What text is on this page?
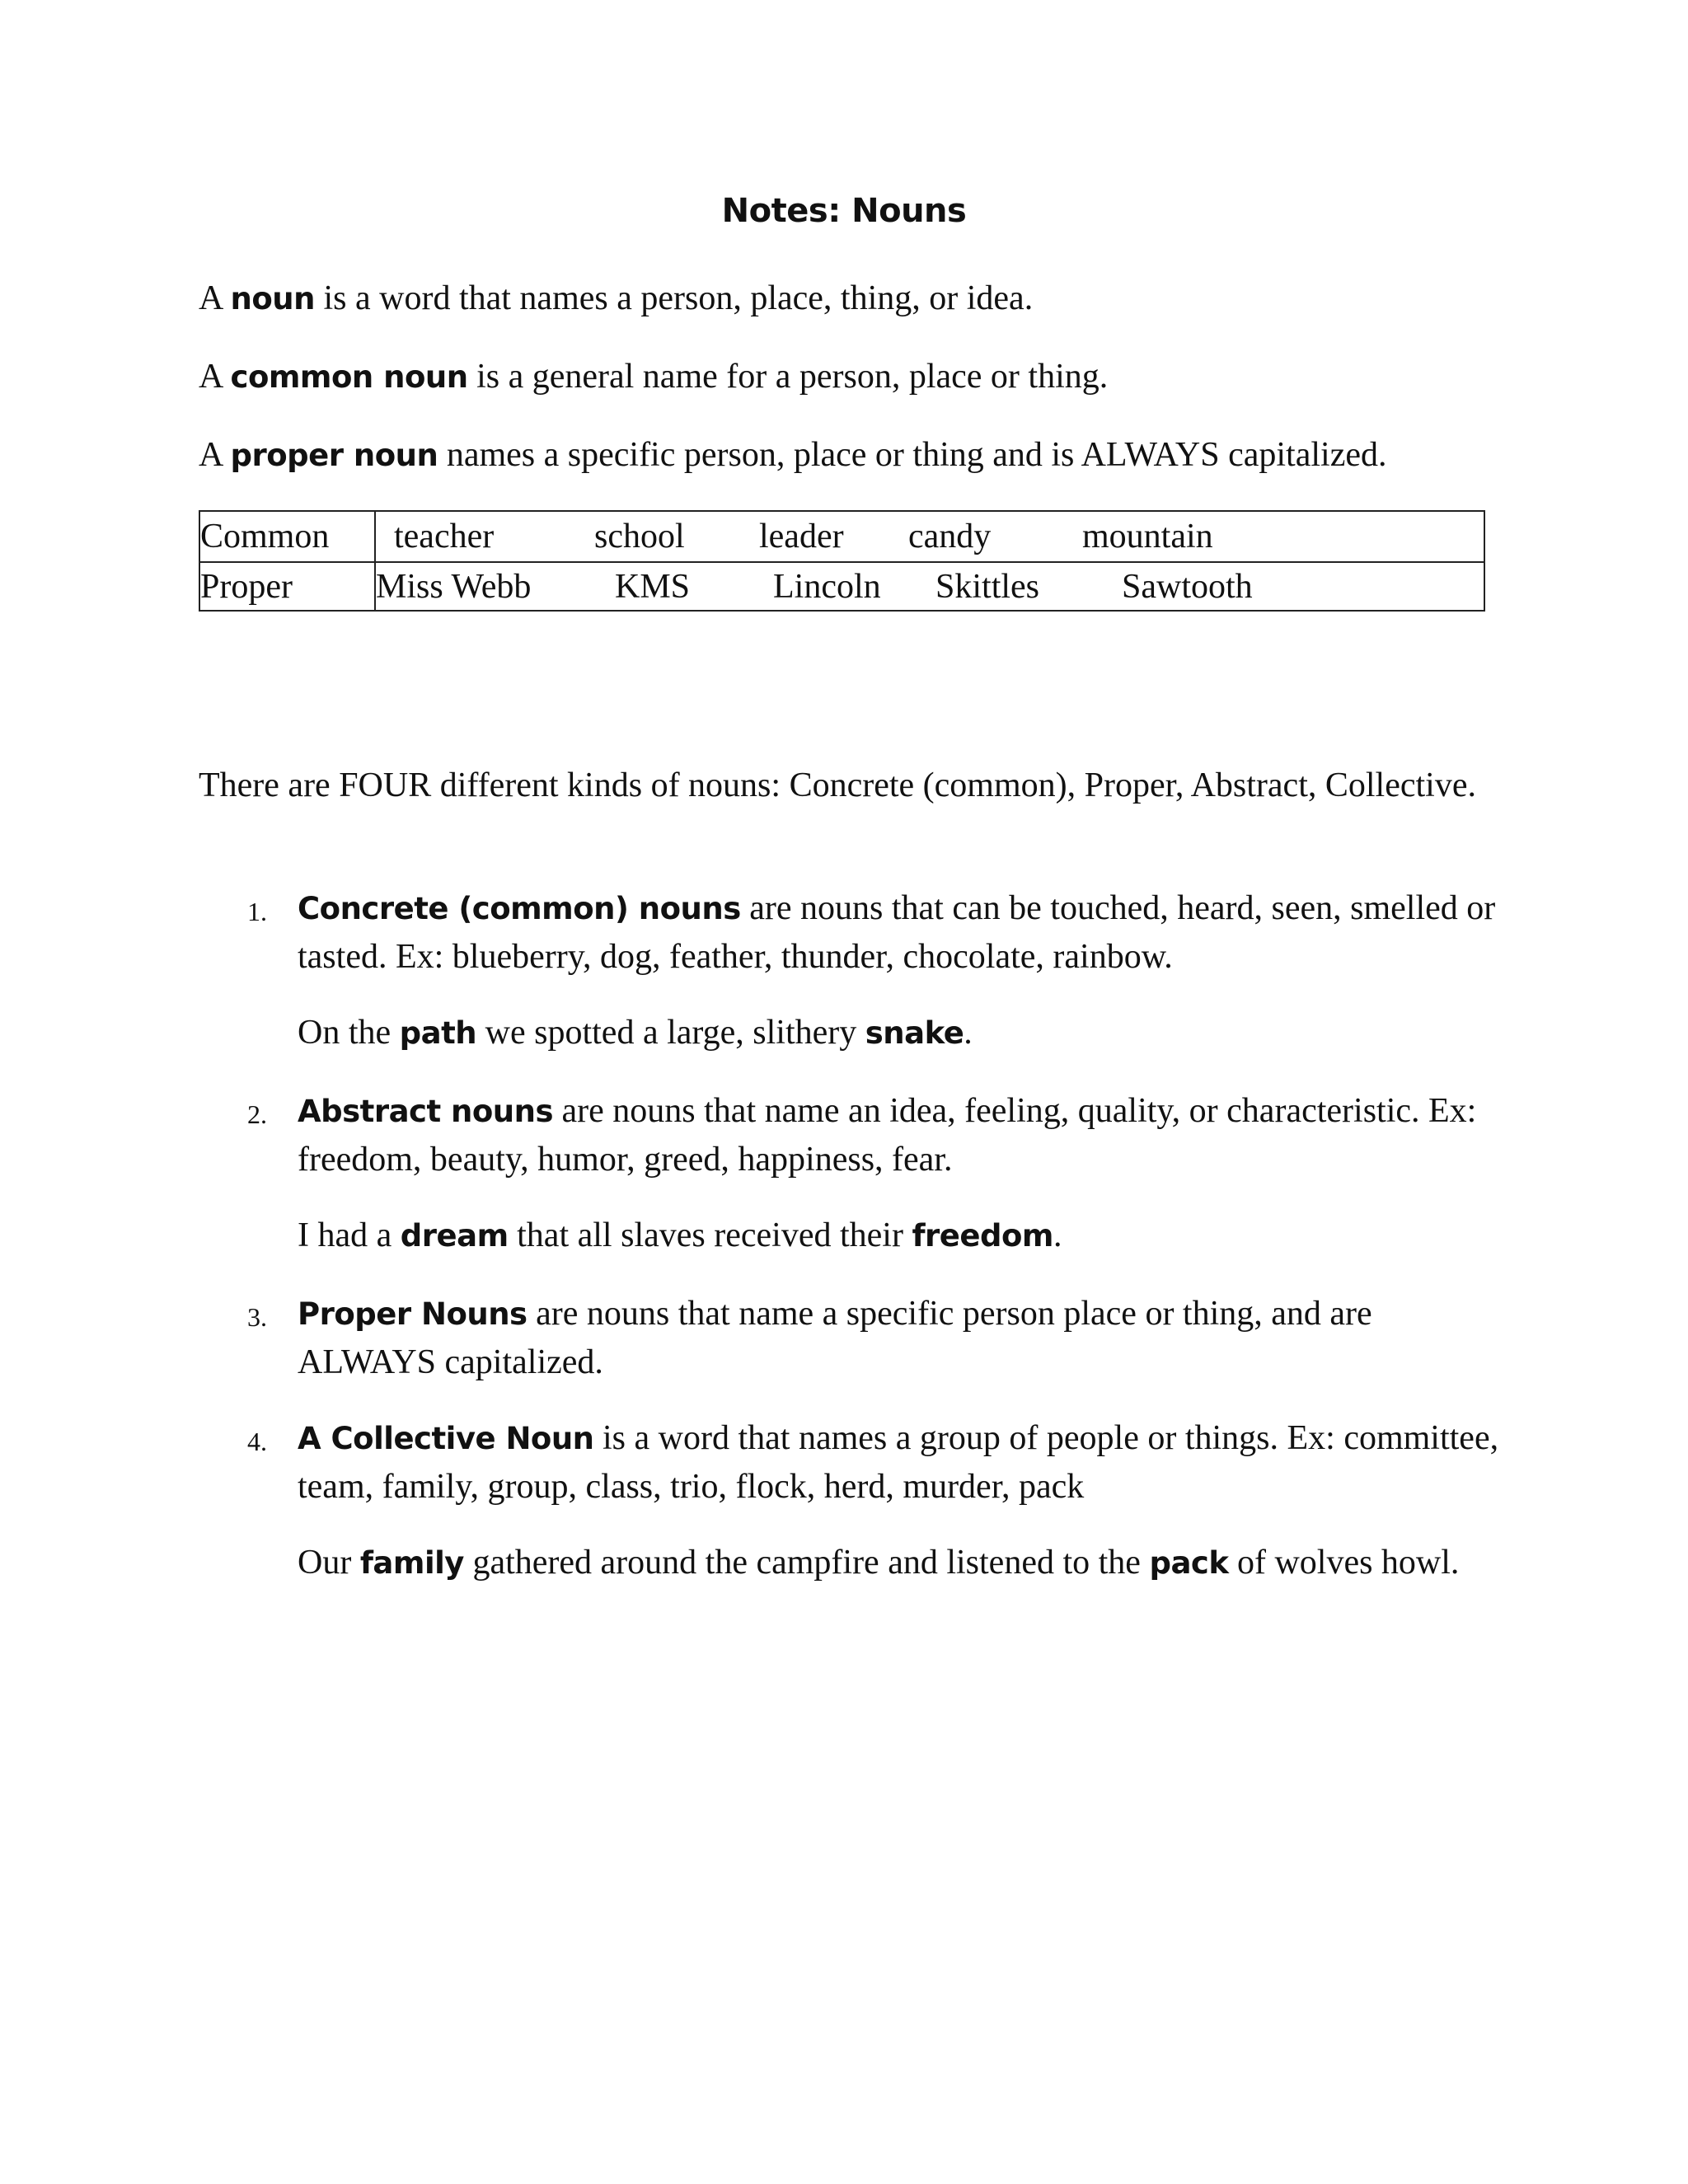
Notes: Nouns

A noun is a word that names a person, place, thing, or idea.

A common noun is a general name for a person, place or thing.

A proper noun names a specific person, place or thing and is ALWAYS capitalized.

Common teacher	school leader candy	mountain
Proper Miss Webb KMS Lincoln Skittles Sawtooth

There are FOUR different kinds of nouns: Concrete (common), Proper, Abstract, Collective.

1. Concrete (common) nouns are nouns that can be touched, heard, seen, smelled or tasted. Ex: blueberry, dog, feather, thunder, chocolate, rainbow.
On the path we spotted a large, slithery snake.
2. Abstract nouns are nouns that name an idea, feeling, quality, or characteristic. Ex: freedom, beauty, humor, greed, happiness, fear.
I had a dream that all slaves received their freedom.
3. Proper Nouns are nouns that name a specific person place or thing, and are ALWAYS capitalized.
4. A Collective Noun is a word that names a group of people or things. Ex: committee, team, family, group, class, trio, flock, herd, murder, pack
Our family gathered around the campfire and listened to the pack of wolves howl.
